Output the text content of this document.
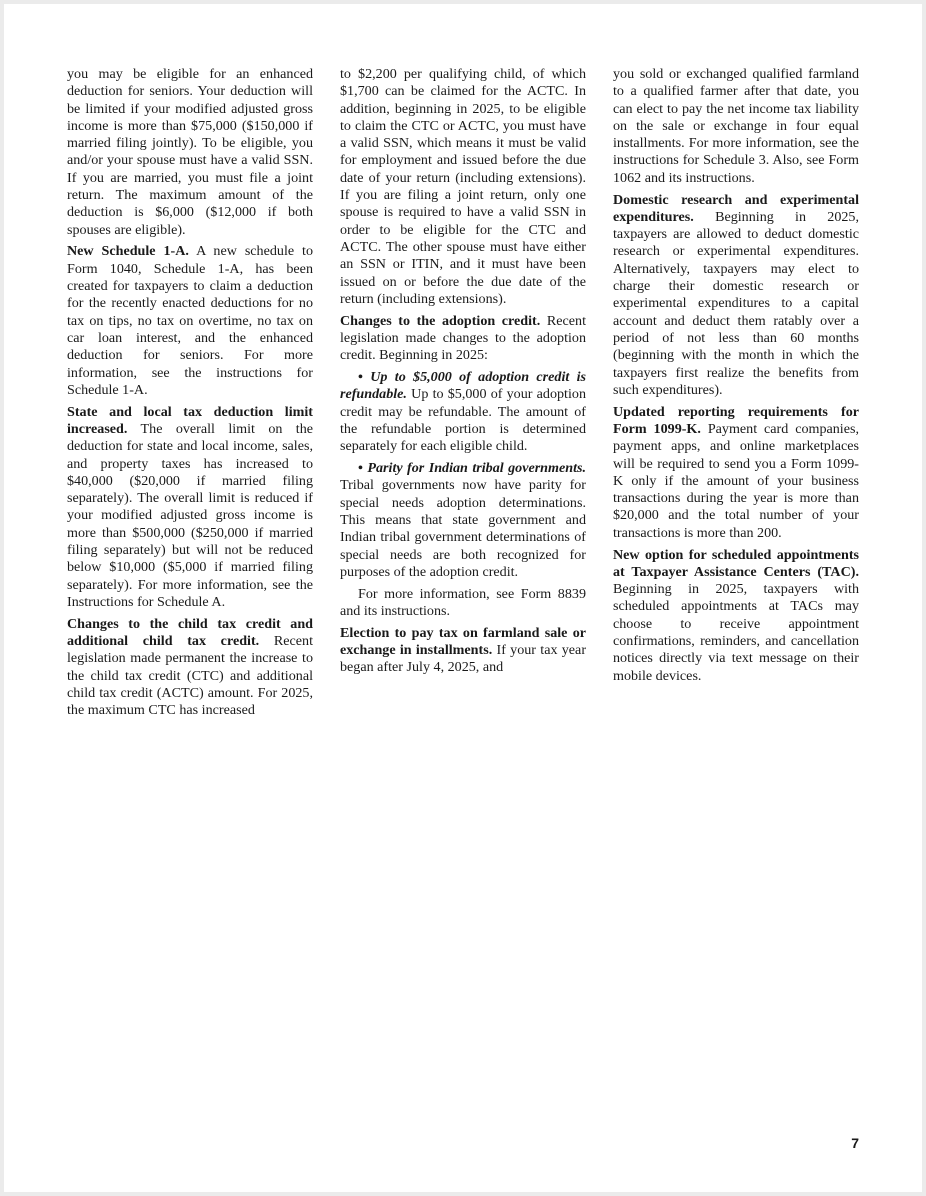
you may be eligible for an enhanced deduction for seniors. Your deduction will be limited if your modified adjusted gross income is more than $75,000 ($150,000 if married filing jointly). To be eligible, you and/or your spouse must have a valid SSN. If you are married, you must file a joint return. The maximum amount of the deduction is $6,000 ($12,000 if both spouses are eligible).

New Schedule 1-A. A new schedule to Form 1040, Schedule 1-A, has been created for taxpayers to claim a deduction for the recently enacted deductions for no tax on tips, no tax on overtime, no tax on car loan interest, and the enhanced deduction for seniors. For more information, see the instructions for Schedule 1-A.

State and local tax deduction limit increased. The overall limit on the deduction for state and local income, sales, and property taxes has increased to $40,000 ($20,000 if married filing separately). The overall limit is reduced if your modified adjusted gross income is more than $500,000 ($250,000 if married filing separately) but will not be reduced below $10,000 ($5,000 if married filing separately). For more information, see the Instructions for Schedule A.

Changes to the child tax credit and additional child tax credit. Recent legislation made permanent the increase to the child tax credit (CTC) and additional child tax credit (ACTC) amount. For 2025, the maximum CTC has increased

to $2,200 per qualifying child, of which $1,700 can be claimed for the ACTC. In addition, beginning in 2025, to be eligible to claim the CTC or ACTC, you must have a valid SSN, which means it must be valid for employment and issued before the due date of your return (including extensions). If you are filing a joint return, only one spouse is required to have a valid SSN in order to be eligible for the CTC and ACTC. The other spouse must have either an SSN or ITIN, and it must have been issued on or before the due date of the return (including extensions).

Changes to the adoption credit. Recent legislation made changes to the adoption credit. Beginning in 2025:

• Up to $5,000 of adoption credit is refundable. Up to $5,000 of your adoption credit may be refundable. The amount of the refundable portion is determined separately for each eligible child.

• Parity for Indian tribal governments. Tribal governments now have parity for special needs adoption determinations. This means that state government and Indian tribal government determinations of special needs are both recognized for purposes of the adoption credit.

For more information, see Form 8839 and its instructions.

Election to pay tax on farmland sale or exchange in installments. If your tax year began after July 4, 2025, and

you sold or exchanged qualified farmland to a qualified farmer after that date, you can elect to pay the net income tax liability on the sale or exchange in four equal installments. For more information, see the instructions for Schedule 3. Also, see Form 1062 and its instructions.

Domestic research and experimental expenditures. Beginning in 2025, taxpayers are allowed to deduct domestic research or experimental expenditures. Alternatively, taxpayers may elect to charge their domestic research or experimental expenditures to a capital account and deduct them ratably over a period of not less than 60 months (beginning with the month in which the taxpayers first realize the benefits from such expenditures).

Updated reporting requirements for Form 1099-K. Payment card companies, payment apps, and online marketplaces will be required to send you a Form 1099-K only if the amount of your business transactions during the year is more than $20,000 and the total number of your transactions is more than 200.

New option for scheduled appointments at Taxpayer Assistance Centers (TAC). Beginning in 2025, taxpayers with scheduled appointments at TACs may choose to receive appointment confirmations, reminders, and cancellation notices directly via text message on their mobile devices.

7
